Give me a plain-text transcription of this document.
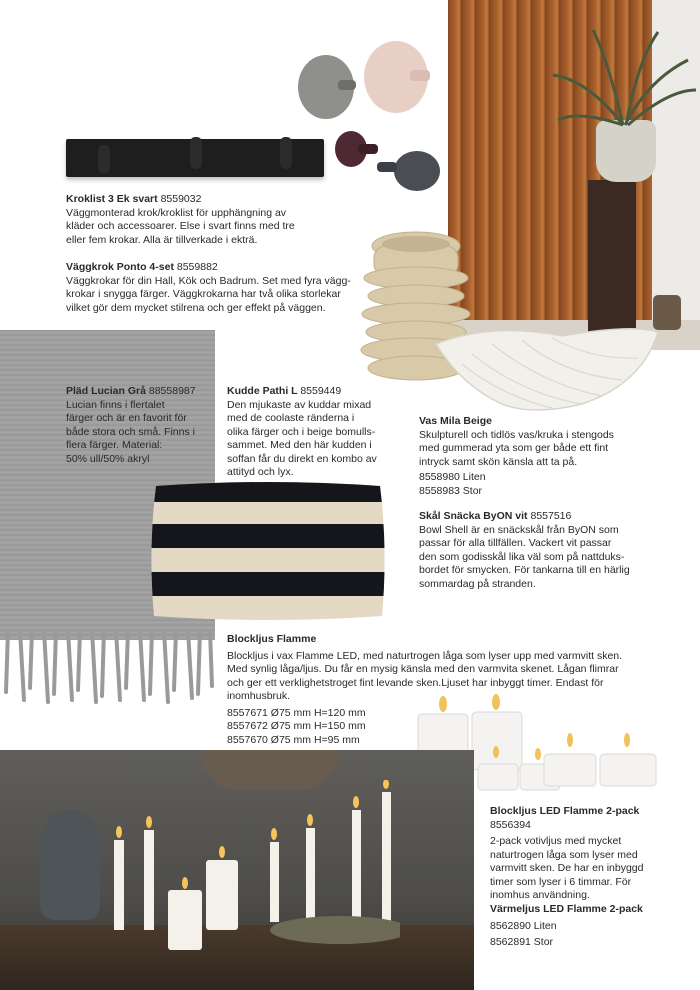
Kroklist 3 Ek svart 8559032
Väggmonterad krok/kroklist för upphängning av
kläder och accessoarer. Else i svart finns med tre
eller fem krokar. Alla är tillverkade i ekträ.
Väggkrok Ponto 4-set 8559882
Väggkrokar för din Hall, Kök och Badrum. Set med fyra vägg-
krokar i snygga färger. Väggkrokarna har två olika storlekar
vilket gör dem mycket stilrena och ger effekt på väggen.
Pläd Lucian Grå 88558987
Lucian finns i flertalet
färger och är en favorit för
både stora och små. Finns i
flera färger. Material:
50% ull/50% akryl
Kudde Pathi L 8559449
Den mjukaste av kuddar mixad
med de coolaste ränderna i
olika färger och i beige bomulls-
sammet. Med den här kudden i
soffan får du direkt en kombo av
attityd och lyx.
Vas Mila Beige
Skulpturell och tidlös vas/kruka i stengods
med gummerad yta som ger både ett fint
intryck samt skön känsla att ta på.
8558980 Liten
8558983 Stor
Skål Snäcka ByON vit 8557516
Bowl Shell är en snäckskål från ByON som
passar för alla tillfällen. Vackert vit passar
den som godisskål lika väl som på nattduks-
bordet för smycken. För tankarna till en härlig
sommardag på stranden.
Blockljus Flamme
Blockljus i vax Flamme LED, med naturtrogen låga som lyser upp med varmvitt sken.
Med synlig låga/ljus. Du får en mysig känsla med den varmvita skenet. Lågan flimrar
och ger ett verklighetstroget fint levande sken.Ljuset har inbyggt timer. Endast för
inomhusbruk.
8557671 Ø75 mm H=120 mm
8557672 Ø75 mm H=150 mm
8557670 Ø75 mm H=95 mm
Blockljus LED Flamme 2-pack
8556394
2-pack votivljus med mycket
naturtrogen låga som lyser med
varmvitt sken. De har en inbyggd
timer som lyser i 6 timmar. För
inomhus användning.
Värmeljus LED Flamme 2-pack
8562890 Liten
8562891 Stor
